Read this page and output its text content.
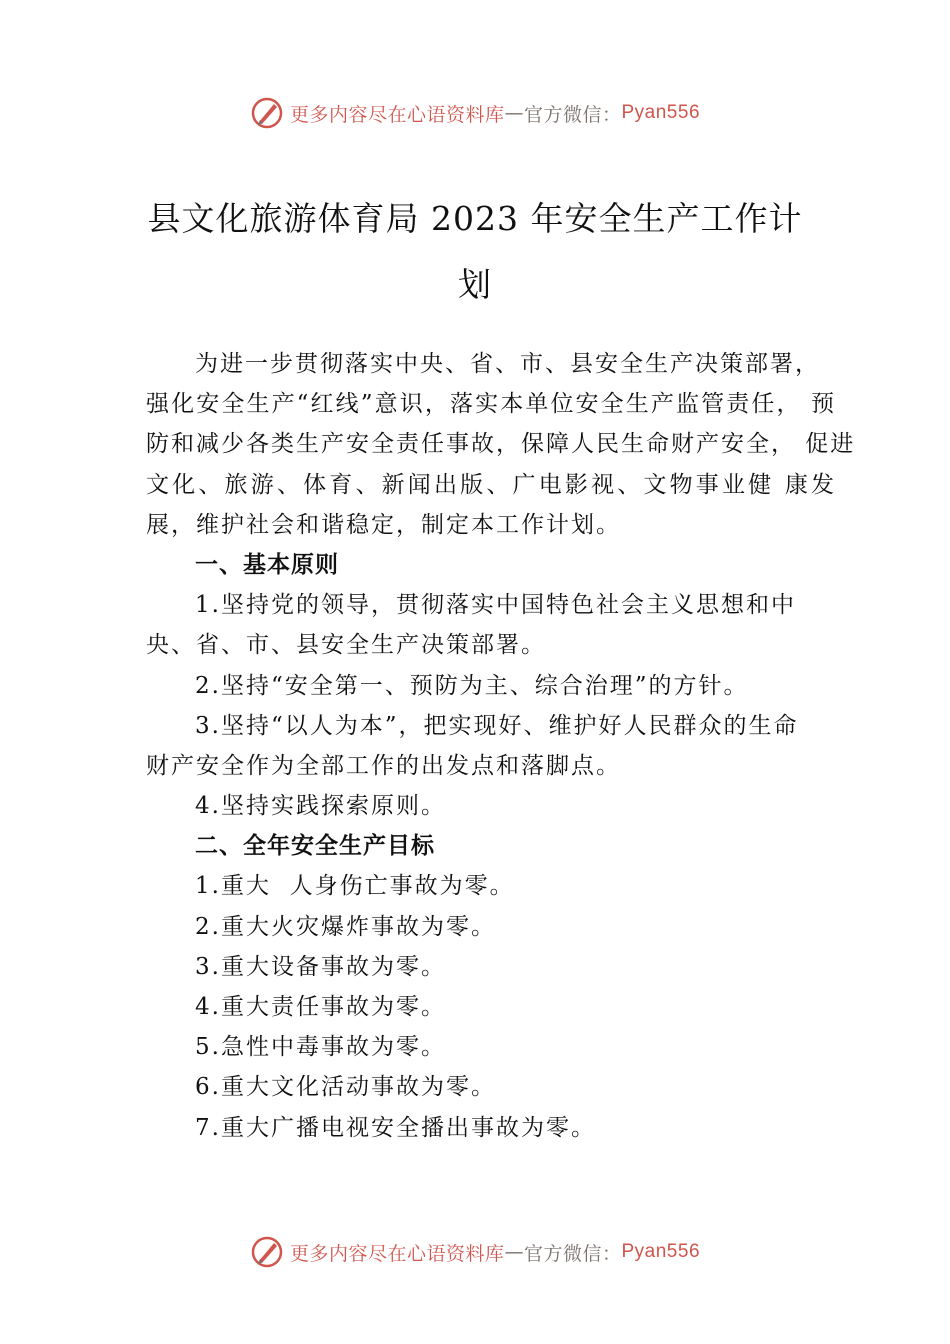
更多内容尽在心语资料库 — 官方微信： Pyan556
县文化旅游体育局 2023 年安全生产工作计
划
为进一步贯彻落实中央、省、市、县安全生产决策部署，
强化安全生产“红线”意识，落实本单位安全生产监管责任， 预
防和减少各类生产安全责任事故，保障人民生命财产安全， 促进
文化、旅游、体育、新闻出版、广电影视、文物事业健 康发
展，维护社会和谐稳定，制定本工作计划。
一、基本原则
1.坚持党的领导，贯彻落实中国特色社会主义思想和中
央、省、市、县安全生产决策部署。
2.坚持“安全第一、预防为主、综合治理”的方针。
3.坚持“以人为本”，把实现好、维护好人民群众的生命
财产安全作为全部工作的出发点和落脚点。
4.坚持实践探索原则。
二、全年安全生产目标
1.重大  人身伤亡事故为零。
2.重大火灾爆炸事故为零。
3.重大设备事故为零。
4.重大责任事故为零。
5.急性中毒事故为零。
6.重大文化活动事故为零。
7.重大广播电视安全播出事故为零。
更多内容尽在心语资料库 — 官方微信： Pyan556
